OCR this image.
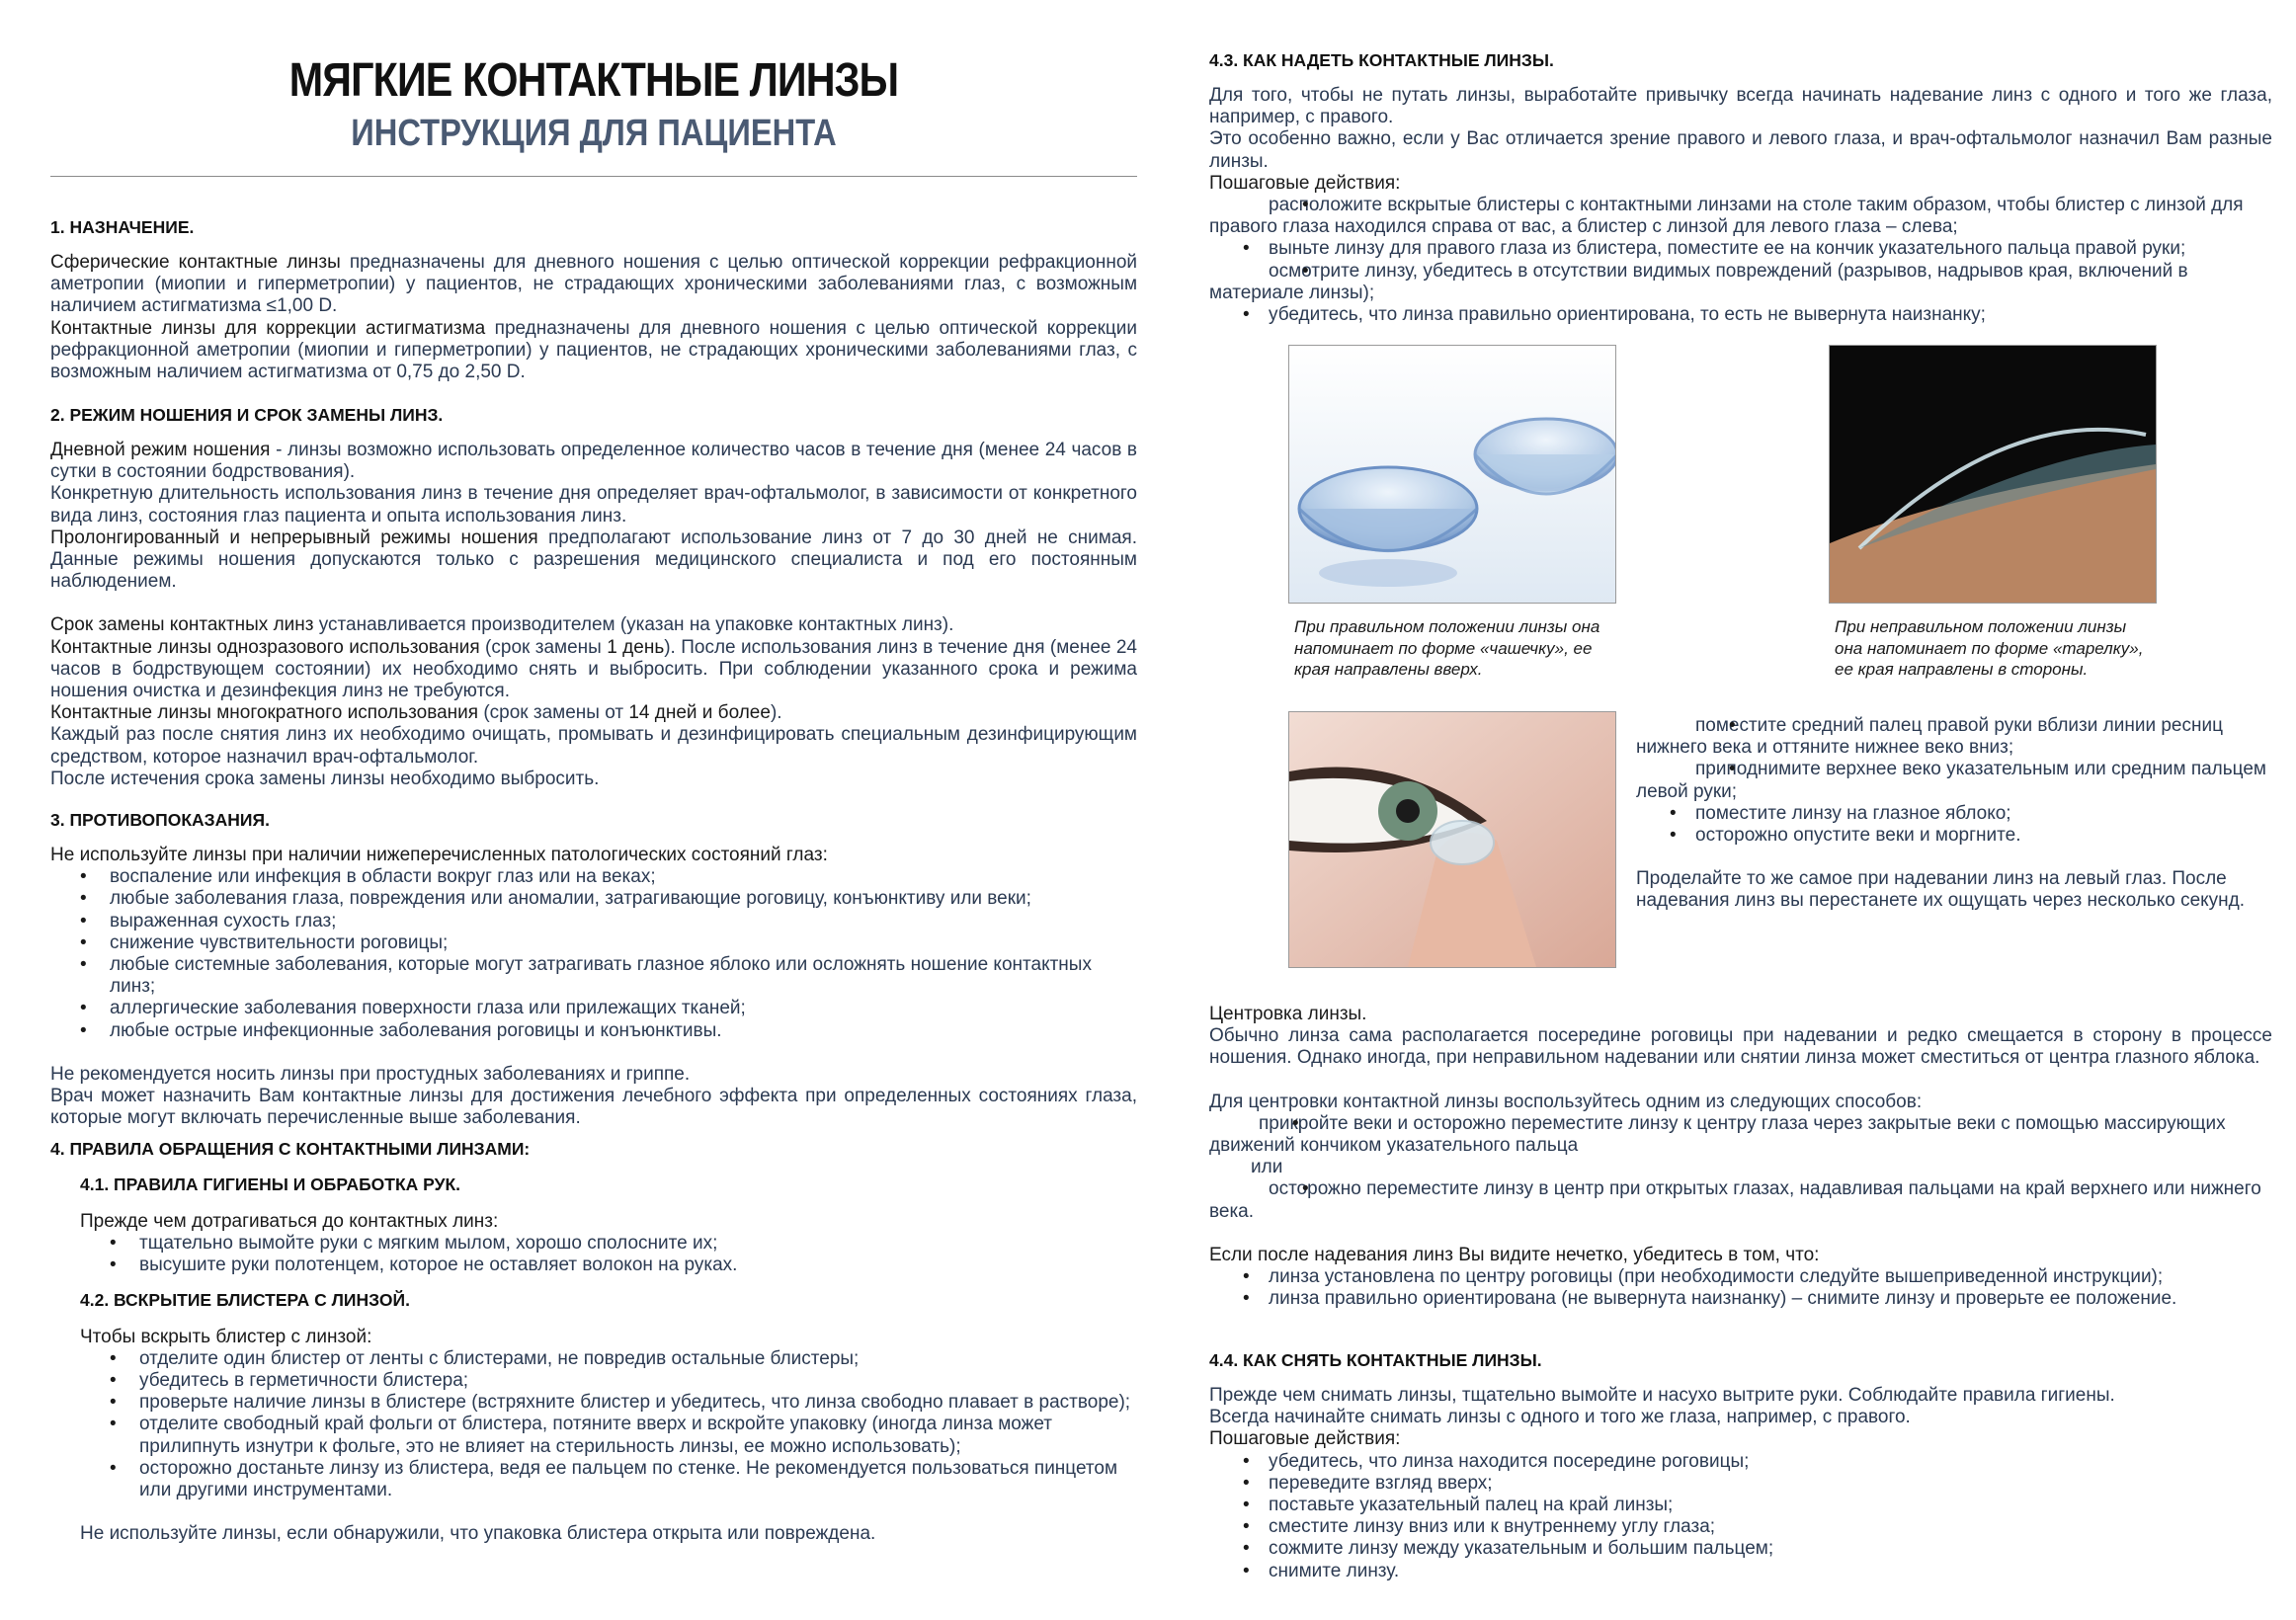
МЯГКИЕ КОНТАКТНЫЕ ЛИНЗЫ
ИНСТРУКЦИЯ ДЛЯ ПАЦИЕНТА
1. НАЗНАЧЕНИЕ.

Сферические контактные линзы предназначены для дневного ношения с целью оптической коррекции рефракционной аметропии (миопии и гиперметропии) у пациентов, не страдающих хроническими заболеваниями глаз, с возможным наличием астигматизма ≤1,00 D.

Контактные линзы для коррекции астигматизма предназначены для дневного ношения с целью оптической коррекции рефракционной аметропии (миопии и гиперметропии) у пациентов, не страдающих хроническими заболеваниями глаз, с возможным наличием астигматизма от 0,75 до 2,50 D.

2. РЕЖИМ НОШЕНИЯ И СРОК ЗАМЕНЫ ЛИНЗ.

Дневной режим ношения - линзы возможно использовать определенное количество часов в течение дня (менее 24 часов в сутки в состоянии бодрствования).

Конкретную длительность использования линз в течение дня определяет врач-офтальмолог, в зависимости от конкретного вида линз, состояния глаз пациента и опыта использования линз.

Пролонгированный и непрерывный режимы ношения предполагают использование линз от 7 до 30 дней не снимая. Данные режимы ношения допускаются только с разрешения медицинского специалиста и под его постоянным наблюдением.

Срок замены контактных линз устанавливается производителем (указан на упаковке контактных линз).

Контактные линзы однозразового использования (срок замены 1 день). После использования линз в течение дня (менее 24 часов в бодрствующем состоянии) их необходимо снять и выбросить. При соблюдении указанного срока и режима ношения очистка и дезинфекция линз не требуются.

Контактные линзы многократного использования (срок замены от 14 дней и более).

Каждый раз после снятия линз их необходимо очищать, промывать и дезинфицировать специальным дезинфицирующим средством, которое назначил врач-офтальмолог.

После истечения срока замены линзы необходимо выбросить.

3. ПРОТИВОПОКАЗАНИЯ.

Не используйте линзы при наличии нижеперечисленных патологических состояний глаз:

• воспаление или инфекция в области вокруг глаз или на веках;
• любые заболевания глаза, повреждения или аномалии, затрагивающие роговицу, конъюнктиву или веки;
• выраженная сухость глаз;
• снижение чувствительности роговицы;
• любые системные заболевания, которые могут затрагивать глазное яблоко или осложнять ношение контактных линз;
• аллергические заболевания поверхности глаза или прилежащих тканей;
• любые острые инфекционные заболевания роговицы и конъюнктивы.

Не рекомендуется носить линзы при простудных заболеваниях и гриппе.

Врач может назначить Вам контактные линзы для достижения лечебного эффекта при определенных состояниях глаза, которые могут включать перечисленные выше заболевания.

4. ПРАВИЛА ОБРАЩЕНИЯ С КОНТАКТНЫМИ ЛИНЗАМИ:
4.1. ПРАВИЛА ГИГИЕНЫ И ОБРАБОТКА РУК.

Прежде чем дотрагиваться до контактных линз:

• тщательно вымойте руки с мягким мылом, хорошо сполосните их;
• высушите руки полотенцем, которое не оставляет волокон на руках.
4.2. ВСКРЫТИЕ БЛИСТЕРА С ЛИНЗОЙ.

Чтобы вскрыть блистер с линзой:

• отделите один блистер от ленты с блистерами, не повредив остальные блистеры;
• убедитесь в герметичности блистера;
• проверьте наличие линзы в блистере (встряхните блистер и убедитесь, что линза свободно плавает в растворе);
• отделите свободный край фольги от блистера, потяните вверх и вскройте упаковку (иногда линза может прилипнуть изнутри к фольге, это не влияет на стерильность линзы, ее можно использовать);
• осторожно достаньте линзу из блистера, ведя ее пальцем по стенке. Не рекомендуется пользоваться пинцетом или другими инструментами.

Не используйте линзы, если обнаружили, что упаковка блистера открыта или повреждена.

4.3. КАК НАДЕТЬ КОНТАКТНЫЕ ЛИНЗЫ.

Для того, чтобы не путать линзы, выработайте привычку всегда начинать надевание линз с одного и того же глаза, например, с правого.

Это особенно важно, если у Вас отличается зрение правого и левого глаза, и врач-офтальмолог назначил Вам разные линзы.

Пошаговые действия:

• расположите вскрытые блистеры с контактными линзами на столе таким образом, чтобы блистер с линзой для правого глаза находился справа от вас, а блистер с линзой для левого глаза – слева;
• выньте линзу для правого глаза из блистера, поместите ее на кончик указательного пальца правой руки;
• осмотрите линзу, убедитесь в отсутствии видимых повреждений (разрывов, надрывов края, включений в материале линзы);
• убедитесь, что линза правильно ориентирована, то есть не вывернута наизнанку;
При правильном положении линзы она напоминает по форме «чашечку», ее края направлены вверх.
При неправильном положении линзы она напоминает по форме «тарелку», ее края направлены в стороны.
• поместите средний палец правой руки вблизи линии ресниц нижнего века и оттяните нижнее веко вниз;
• приподнимите верхнее веко указательным или средним пальцем левой руки;
• поместите линзу на глазное яблоко;
• осторожно опустите веки и моргните.

Проделайте то же самое при надевании линз на левый глаз. После надевания линз вы перестанете их ощущать через несколько секунд.

Центровка линзы.

Обычно линза сама располагается посередине роговицы при надевании и редко смещается в сторону в процессе ношения. Однако иногда, при неправильном надевании или снятии линза может сместиться от центра глазного яблока.

Для центровки контактной линзы воспользуйтесь одним из следующих способов:

• прикройте веки и осторожно переместите линзу к центру глаза через закрытые веки с помощью массирующих движений кончиком указательного пальца

или

• осторожно переместите линзу в центр при открытых глазах, надавливая пальцами на край верхнего или нижнего века.

Если после надевания линз Вы видите нечетко, убедитесь в том, что:

• линза установлена по центру роговицы (при необходимости следуйте вышеприведенной инструкции);
• линза правильно ориентирована (не вывернута наизнанку) – снимите линзу и проверьте ее положение.
4.4. КАК СНЯТЬ КОНТАКТНЫЕ ЛИНЗЫ.

Прежде чем снимать линзы, тщательно вымойте и насухо вытрите руки. Соблюдайте правила гигиены.

Всегда начинайте снимать линзы с одного и того же глаза, например, с правого.

Пошаговые действия:

• убедитесь, что линза находится посередине роговицы;
• переведите взгляд вверх;
• поставьте указательный палец на край линзы;
• сместите линзу вниз или к внутреннему углу глаза;
• сожмите линзу между указательным и большим пальцем;
• снимите линзу.
